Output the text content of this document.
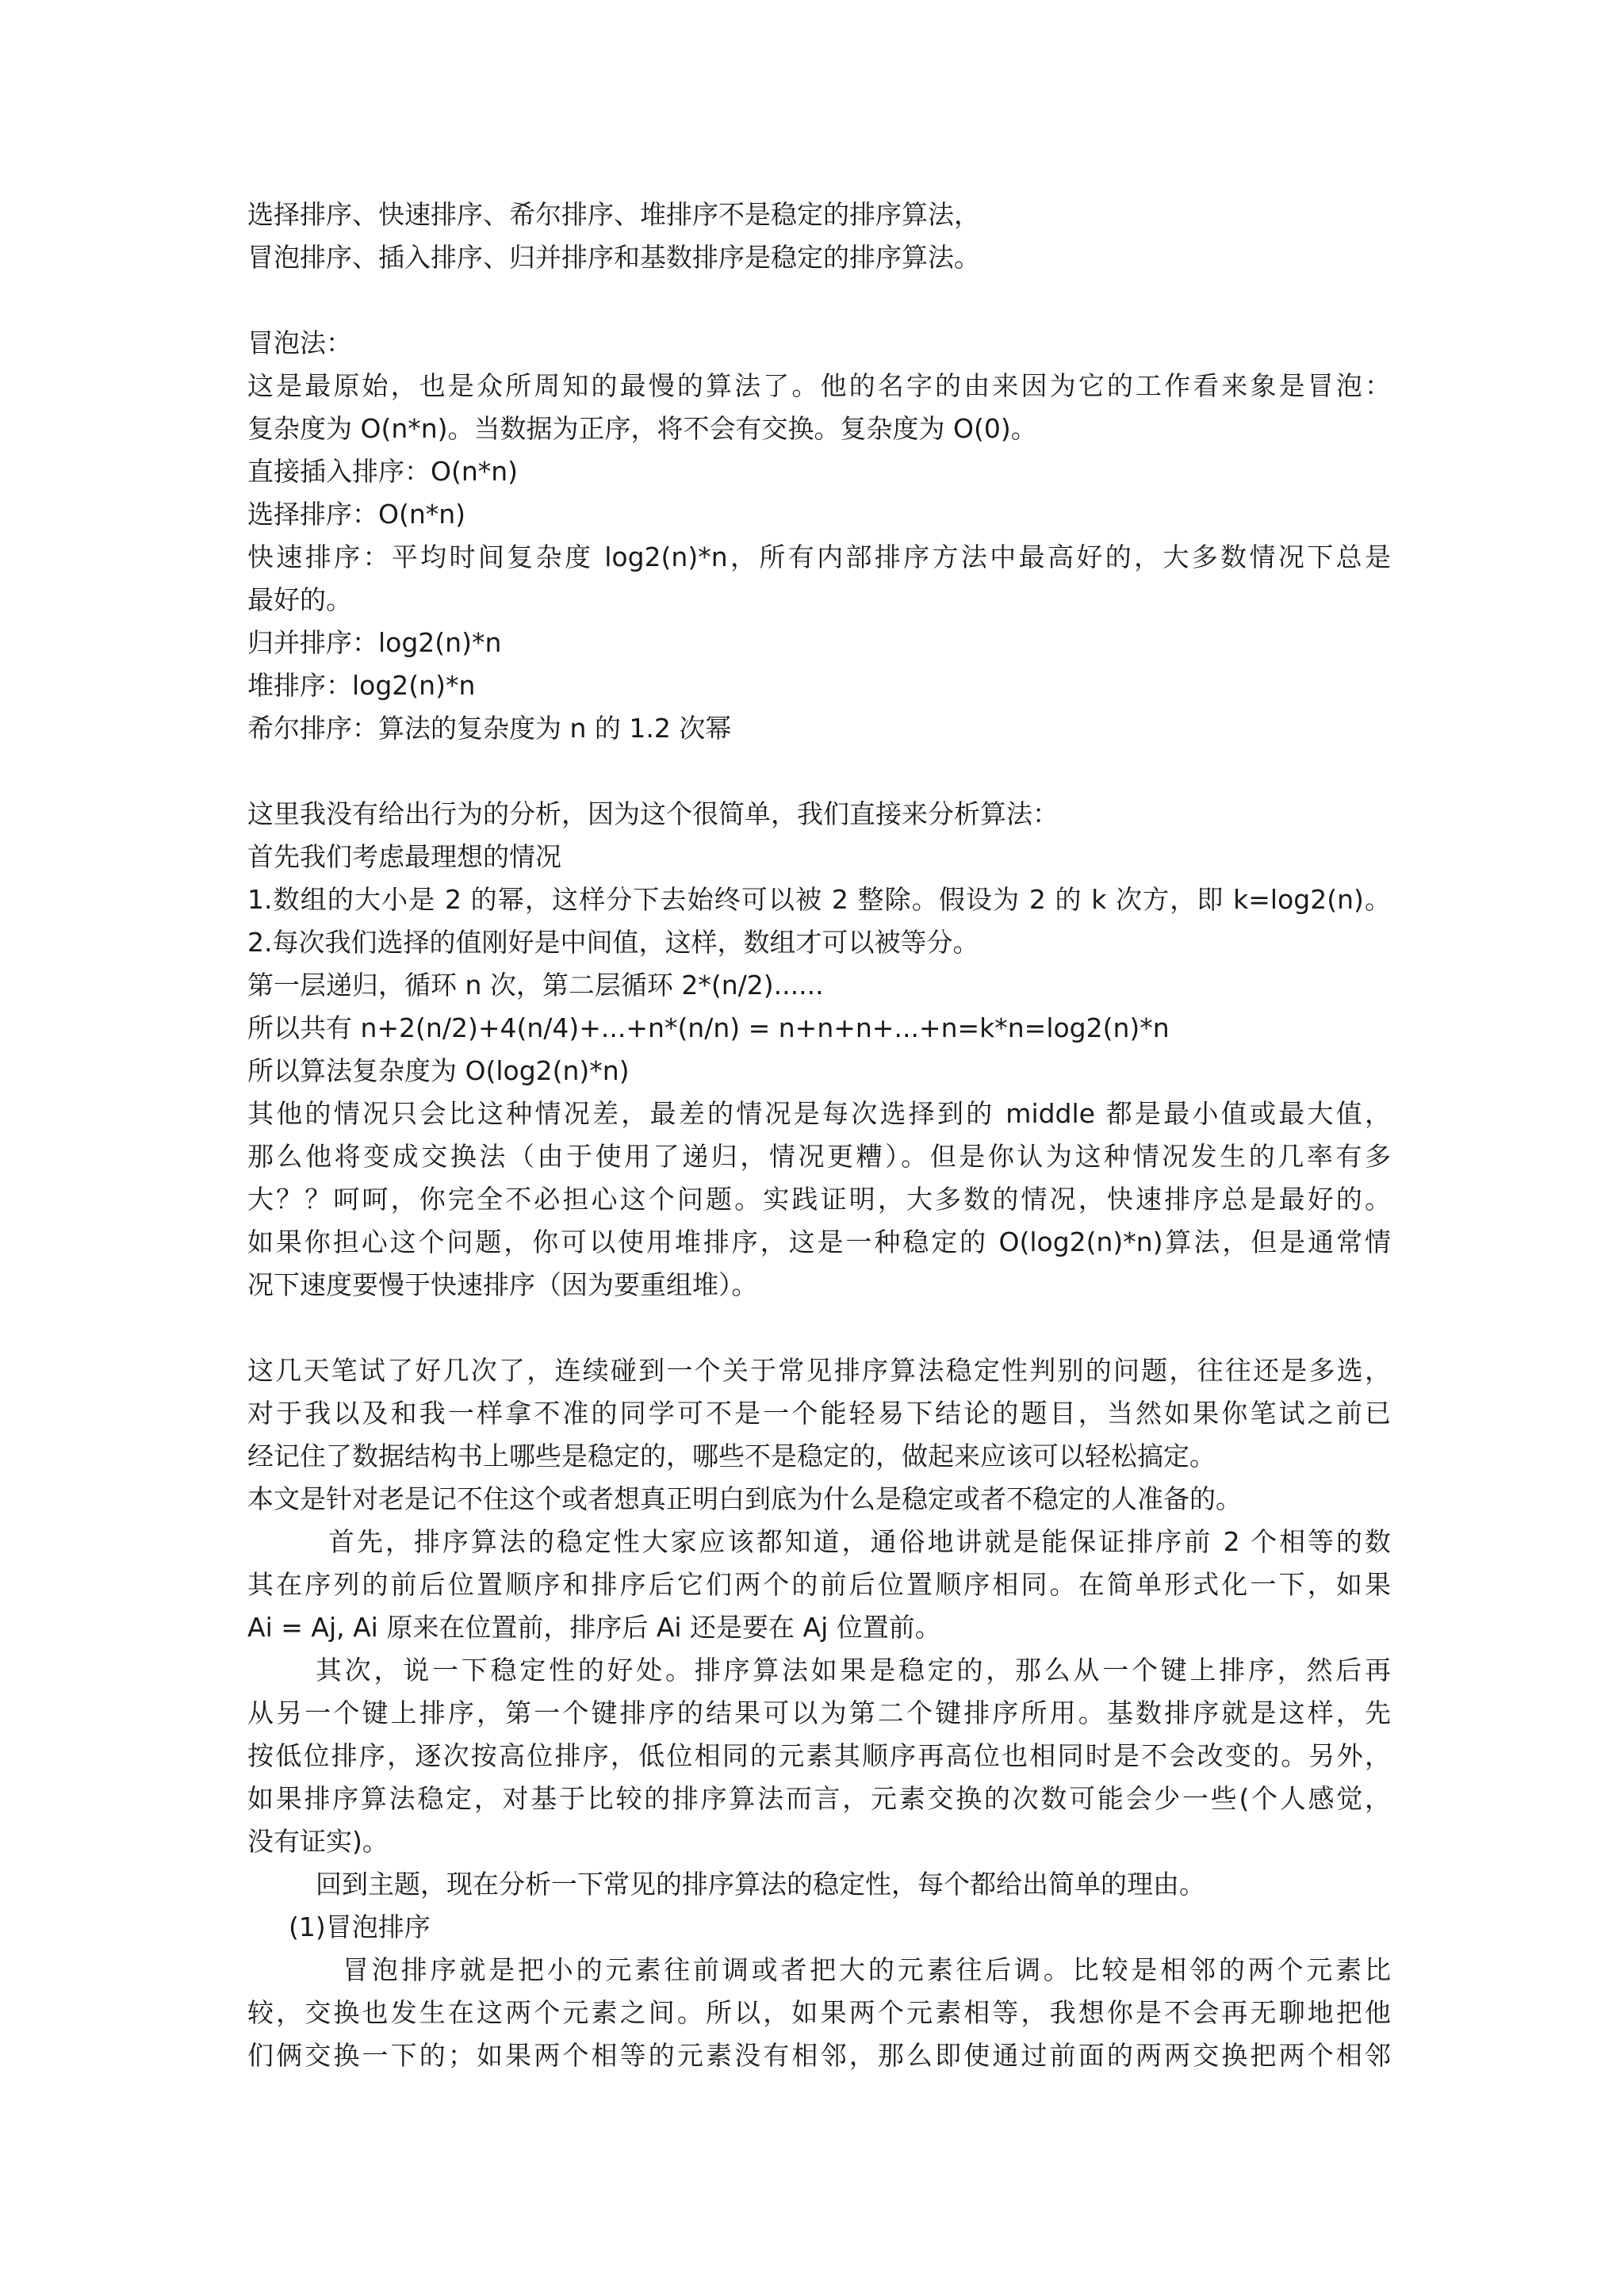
选择排序、快速排序、希尔排序、堆排序不是稳定的排序算法，
冒泡排序、插入排序、归并排序和基数排序是稳定的排序算法。
冒泡法：
这是最原始，也是众所周知的最慢的算法了。他的名字的由来因为它的工作看来象是冒泡：
复杂度为 O(n*n)。当数据为正序，将不会有交换。复杂度为 O(0)。
直接插入排序：O(n*n)
选择排序：O(n*n)
快速排序：平均时间复杂度 log2(n)*n，所有内部排序方法中最高好的，大多数情况下总是
最好的。
归并排序：log2(n)*n
堆排序：log2(n)*n
希尔排序：算法的复杂度为 n 的 1.2 次幂
这里我没有给出行为的分析，因为这个很简单，我们直接来分析算法：
首先我们考虑最理想的情况
1.数组的大小是 2 的幂，这样分下去始终可以被 2 整除。假设为 2 的 k 次方，即 k=log2(n)。
2.每次我们选择的值刚好是中间值，这样，数组才可以被等分。
第一层递归，循环 n 次，第二层循环 2*(n/2)......
所以共有 n+2(n/2)+4(n/4)+...+n*(n/n) = n+n+n+...+n=k*n=log2(n)*n
所以算法复杂度为 O(log2(n)*n)
其他的情况只会比这种情况差，最差的情况是每次选择到的 middle 都是最小值或最大值，
那么他将变成交换法（由于使用了递归，情况更糟）。但是你认为这种情况发生的几率有多
大？？呵呵，你完全不必担心这个问题。实践证明，大多数的情况，快速排序总是最好的。
如果你担心这个问题，你可以使用堆排序，这是一种稳定的 O(log2(n)*n)算法，但是通常情
况下速度要慢于快速排序（因为要重组堆）。
这几天笔试了好几次了，连续碰到一个关于常见排序算法稳定性判别的问题，往往还是多选，
对于我以及和我一样拿不准的同学可不是一个能轻易下结论的题目，当然如果你笔试之前已
经记住了数据结构书上哪些是稳定的，哪些不是稳定的，做起来应该可以轻松搞定。
本文是针对老是记不住这个或者想真正明白到底为什么是稳定或者不稳定的人准备的。
首先，排序算法的稳定性大家应该都知道，通俗地讲就是能保证排序前 2 个相等的数
其在序列的前后位置顺序和排序后它们两个的前后位置顺序相同。在简单形式化一下，如果
Ai = Aj, Ai 原来在位置前，排序后 Ai 还是要在 Aj 位置前。
其次，说一下稳定性的好处。排序算法如果是稳定的，那么从一个键上排序，然后再
从另一个键上排序，第一个键排序的结果可以为第二个键排序所用。基数排序就是这样，先
按低位排序，逐次按高位排序，低位相同的元素其顺序再高位也相同时是不会改变的。另外，
如果排序算法稳定，对基于比较的排序算法而言，元素交换的次数可能会少一些(个人感觉，
没有证实)。
回到主题，现在分析一下常见的排序算法的稳定性，每个都给出简单的理由。
(1)冒泡排序
冒泡排序就是把小的元素往前调或者把大的元素往后调。比较是相邻的两个元素比
较，交换也发生在这两个元素之间。所以，如果两个元素相等，我想你是不会再无聊地把他
们俩交换一下的；如果两个相等的元素没有相邻，那么即使通过前面的两两交换把两个相邻
